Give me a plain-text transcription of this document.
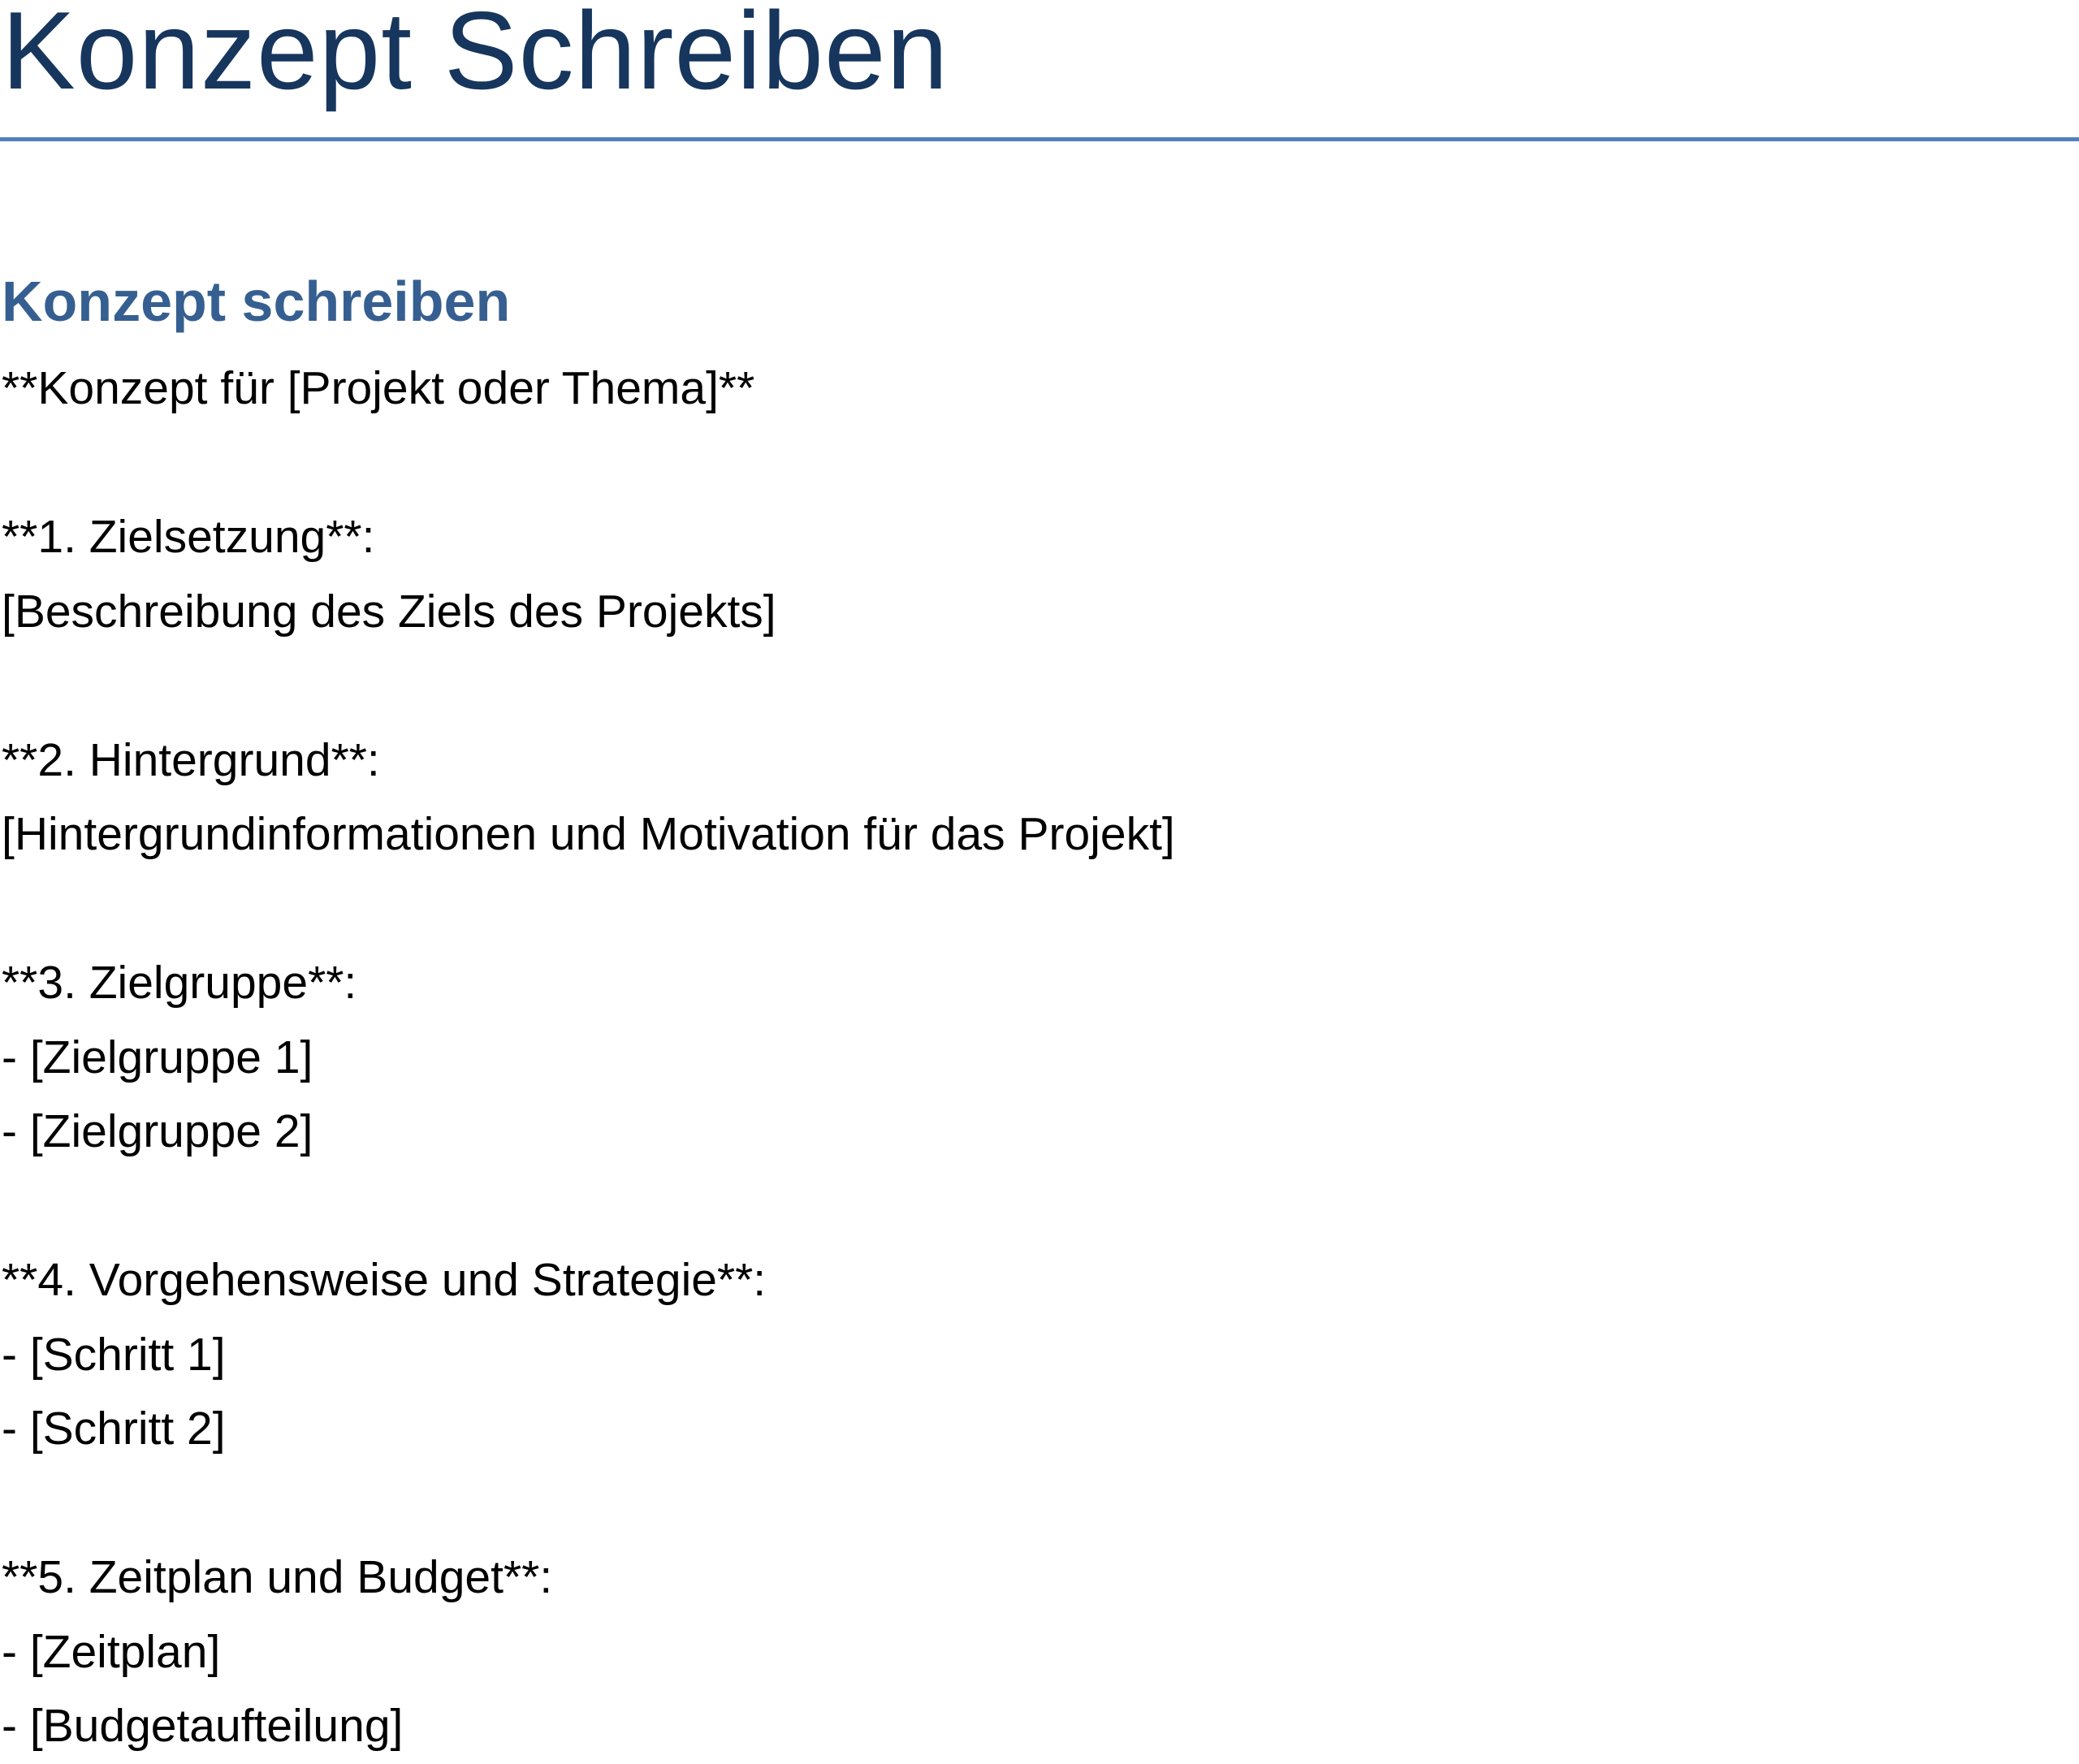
Konzept Schreiben
Konzept schreiben
**Konzept für [Projekt oder Thema]**
**1. Zielsetzung**:
[Beschreibung des Ziels des Projekts]
**2. Hintergrund**:
[Hintergrundinformationen und Motivation für das Projekt]
**3. Zielgruppe**:
- [Zielgruppe 1]
- [Zielgruppe 2]
**4. Vorgehensweise und Strategie**:
- [Schritt 1]
- [Schritt 2]
**5. Zeitplan und Budget**:
- [Zeitplan]
- [Budgetaufteilung]
